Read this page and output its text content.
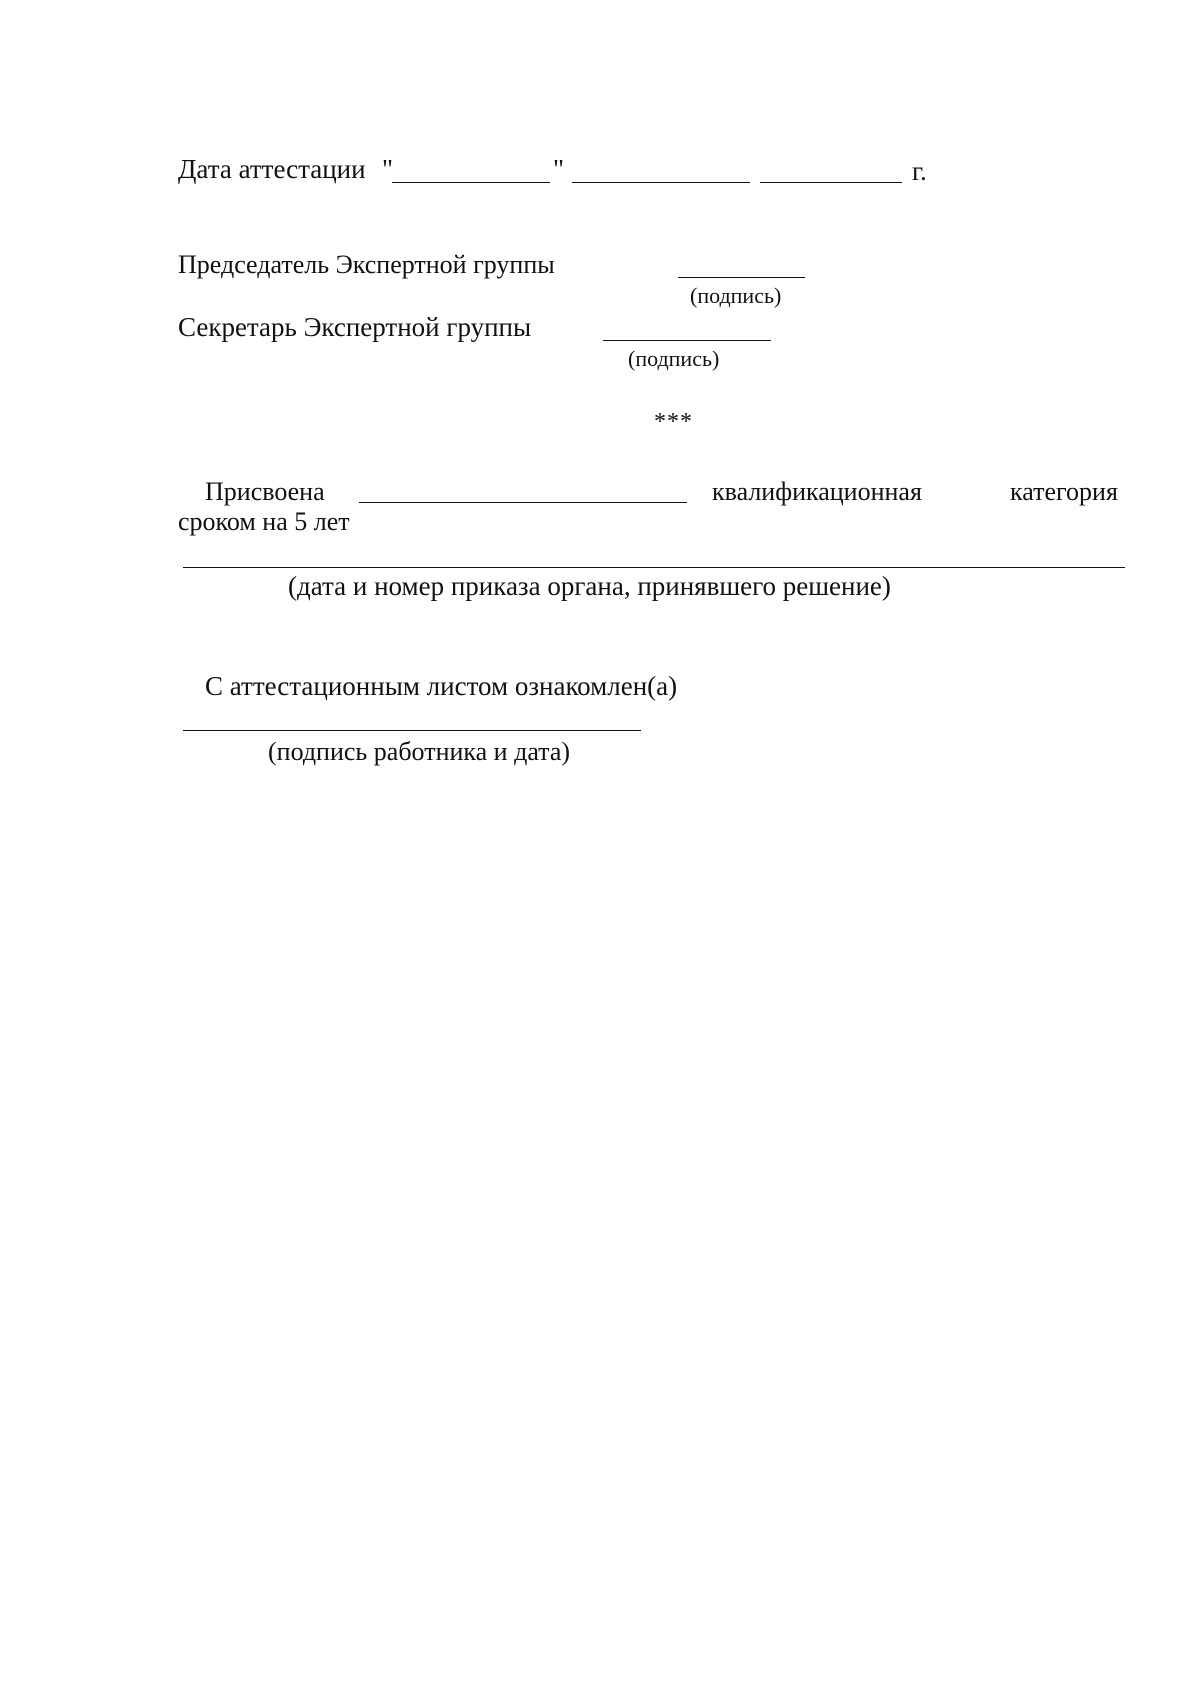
Дата аттестации "	"	г.
Председатель Экспертной группы
(подпись)
Секретарь Экспертной группы
(подпись)
***
Присвоена	квалификационная	категория
сроком на 5 лет
(дата и номер приказа органа, принявшего решение)
С аттестационным листом ознакомлен(а)
(подпись работника и дата)
